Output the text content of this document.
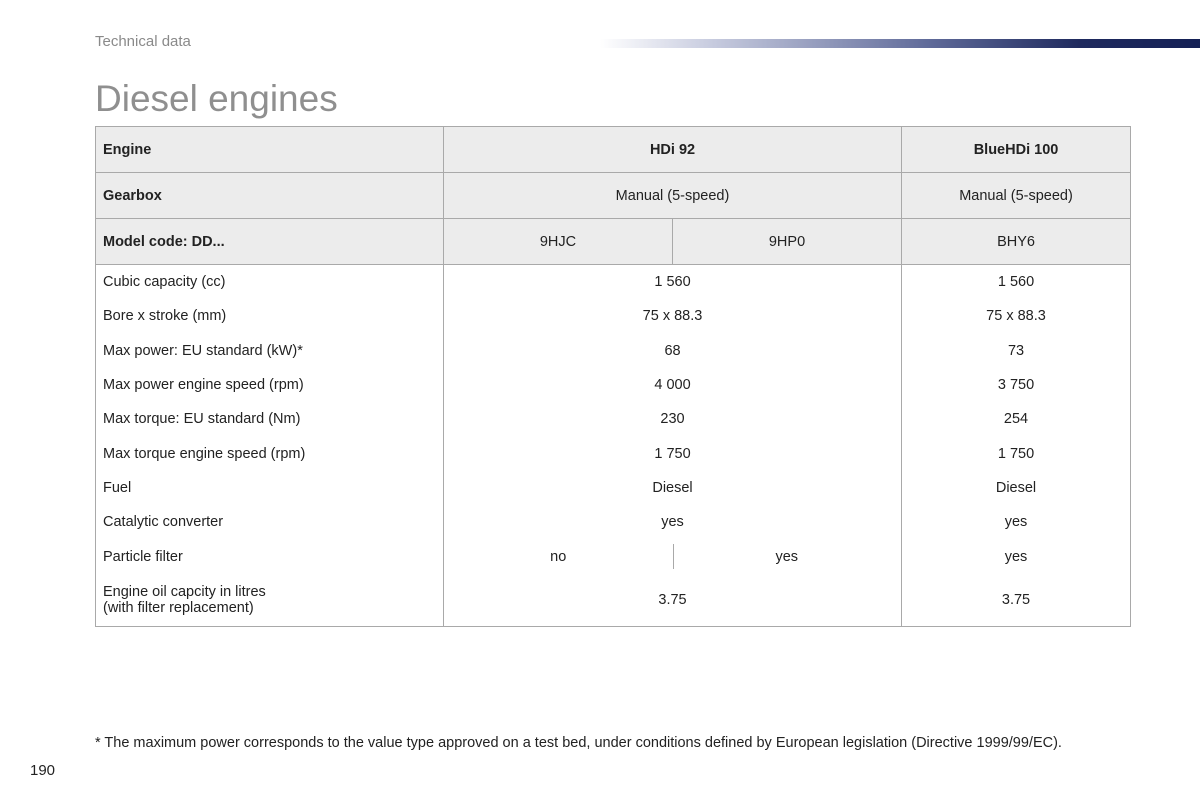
Technical data
Diesel engines
Engine	HDi 92		BlueHDi 100
Gearbox	Manual (5-speed)		Manual (5-speed)
Model code: DD...	9HJC	9HP0	BHY6
Cubic capacity (cc)	1 560		1 560
Bore x stroke (mm)	75 x 88.3		75 x 88.3
Max power: EU standard (kW)*	68		73
Max power engine speed (rpm)	4 000		3 750
Max torque: EU standard (Nm)	230		254
Max torque engine speed (rpm)	1 750		1 750
Fuel	Diesel		Diesel
Catalytic converter	yes		yes
Particle filter	no	yes	yes

Engine oil capcity in litres
(with filter replacement)	3.75		3.75
* The maximum power corresponds to the value type approved on a test bed, under conditions defined by European legislation (Directive 1999/99/EC).
190
